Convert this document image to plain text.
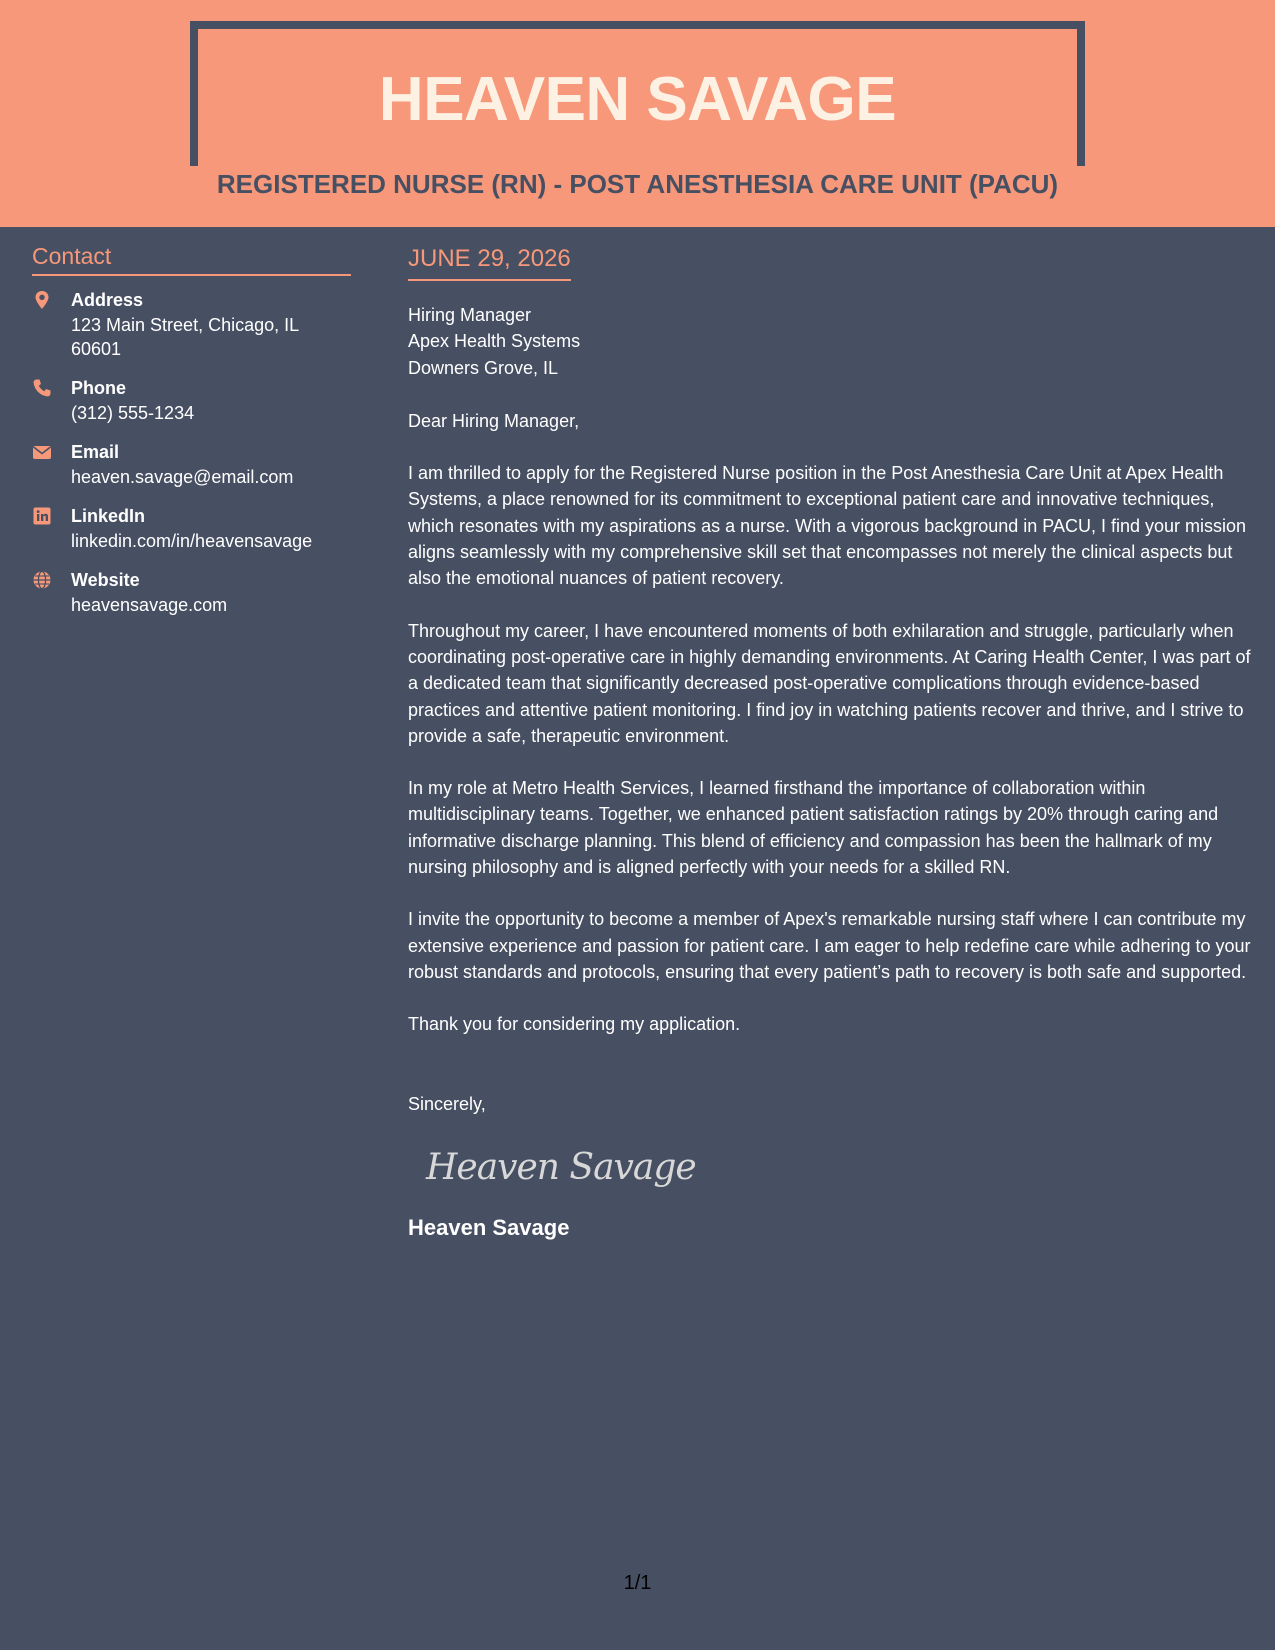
HEAVEN SAVAGE
REGISTERED NURSE (RN) - POST ANESTHESIA CARE UNIT (PACU)
Contact
Address
123 Main Street, Chicago, IL 60601
Phone
(312) 555-1234
Email
heaven.savage@email.com
LinkedIn
linkedin.com/in/heavensavage
Website
heavensavage.com
JUNE 29, 2026
Hiring Manager
Apex Health Systems
Downers Grove, IL
Dear Hiring Manager,
I am thrilled to apply for the Registered Nurse position in the Post Anesthesia Care Unit at Apex Health Systems, a place renowned for its commitment to exceptional patient care and innovative techniques, which resonates with my aspirations as a nurse. With a vigorous background in PACU, I find your mission aligns seamlessly with my comprehensive skill set that encompasses not merely the clinical aspects but also the emotional nuances of patient recovery.
Throughout my career, I have encountered moments of both exhilaration and struggle, particularly when coordinating post-operative care in highly demanding environments. At Caring Health Center, I was part of a dedicated team that significantly decreased post-operative complications through evidence-based practices and attentive patient monitoring. I find joy in watching patients recover and thrive, and I strive to provide a safe, therapeutic environment.
In my role at Metro Health Services, I learned firsthand the importance of collaboration within multidisciplinary teams. Together, we enhanced patient satisfaction ratings by 20% through caring and informative discharge planning. This blend of efficiency and compassion has been the hallmark of my nursing philosophy and is aligned perfectly with your needs for a skilled RN.
I invite the opportunity to become a member of Apex's remarkable nursing staff where I can contribute my extensive experience and passion for patient care. I am eager to help redefine care while adhering to your robust standards and protocols, ensuring that every patient’s path to recovery is both safe and supported.
Thank you for considering my application.
Sincerely,
Heaven Savage
Heaven Savage
1/1
